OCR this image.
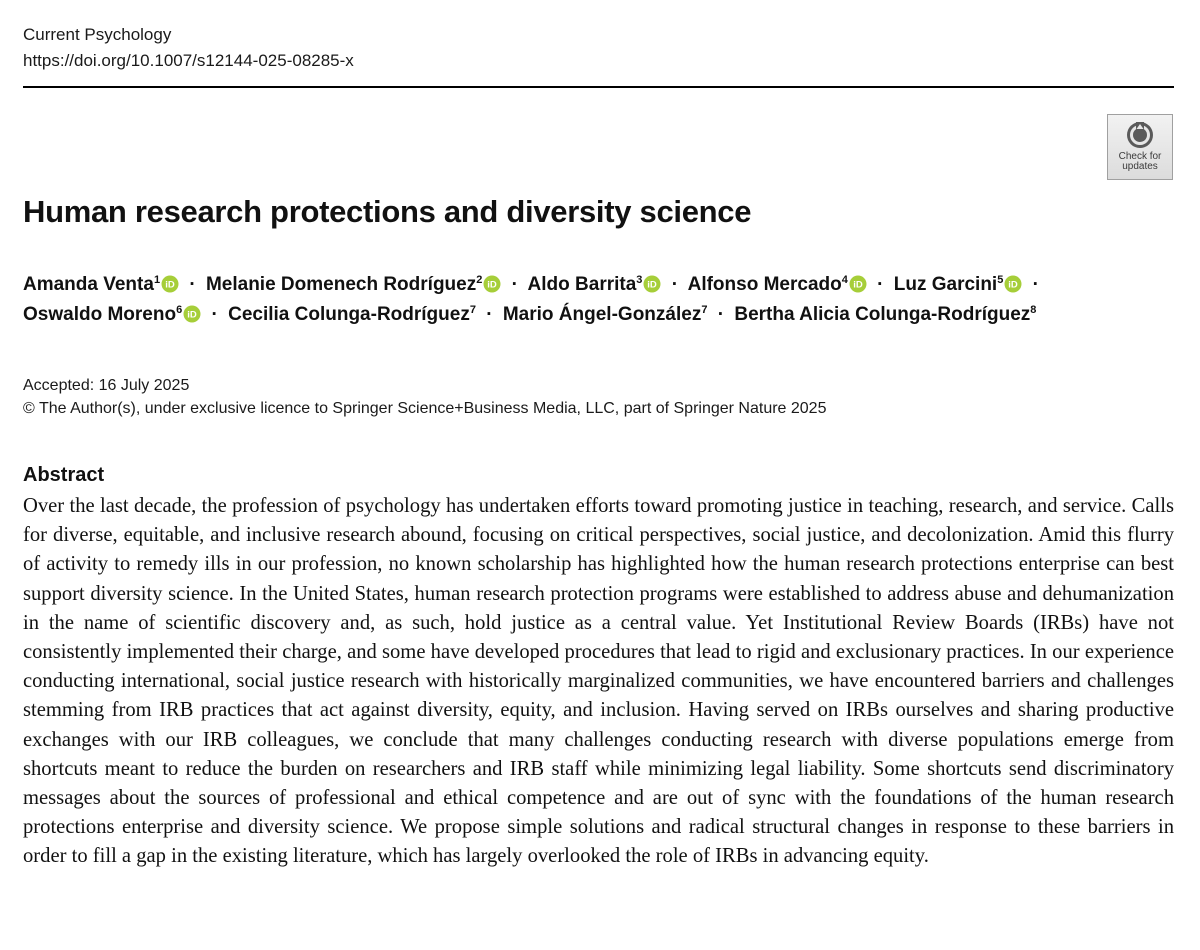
Current Psychology
https://doi.org/10.1007/s12144-025-08285-x
Check for
updates
Human research protections and diversity science
Amanda Venta$^1$ iD · Melanie Domenech Rodríguez$^2$ iD · Aldo Barrita$^3$ iD · Alfonso Mercado$^4$ iD · Luz Garcini$^5$ iD · Oswaldo Moreno$^6$ iD · Cecilia Colunga-Rodríguez$^7$ · Mario Ángel-González$^7$ · Bertha Alicia Colunga-Rodríguez$^8$
Accepted: 16 July 2025
© The Author(s), under exclusive licence to Springer Science+Business Media, LLC, part of Springer Nature 2025
Abstract

Over the last decade, the profession of psychology has undertaken efforts toward promoting justice in teaching, research, and service. Calls for diverse, equitable, and inclusive research abound, focusing on critical perspectives, social justice, and decolonization. Amid this flurry of activity to remedy ills in our profession, no known scholarship has highlighted how the human research protections enterprise can best support diversity science. In the United States, human research protection programs were established to address abuse and dehumanization in the name of scientific discovery and, as such, hold justice as a central value. Yet Institutional Review Boards (IRBs) have not consistently implemented their charge, and some have developed procedures that lead to rigid and exclusionary practices. In our experience conducting international, social justice research with historically marginalized communities, we have encountered barriers and challenges stemming from IRB practices that act against diversity, equity, and inclusion. Having served on IRBs ourselves and sharing productive exchanges with our IRB colleagues, we conclude that many challenges conducting research with diverse populations emerge from shortcuts meant to reduce the burden on researchers and IRB staff while minimizing legal liability. Some shortcuts send discriminatory messages about the sources of professional and ethical competence and are out of sync with the foundations of the human research protections enterprise and diversity science. We propose simple solutions and radical structural changes in response to these barriers in order to fill a gap in the existing literature, which has largely overlooked the role of IRBs in advancing equity.
